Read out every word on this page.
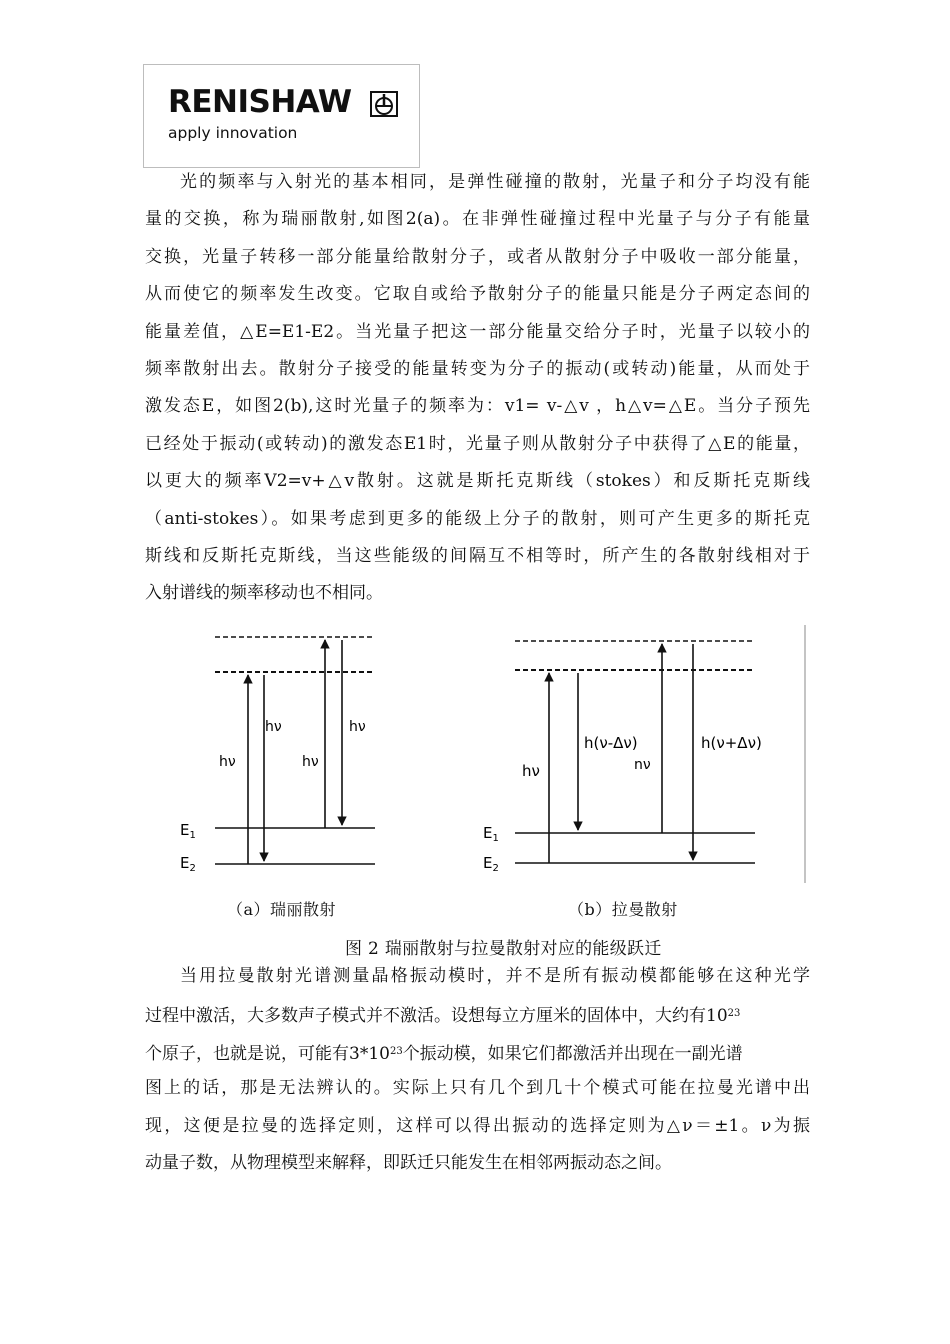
RENISHAW
apply innovation
光的频率与入射光的基本相同，是弹性碰撞的散射，光量子和分子均没有能
量的交换，称为瑞丽散射,如图2(a)。在非弹性碰撞过程中光量子与分子有能量
交换，光量子转移一部分能量给散射分子，或者从散射分子中吸收一部分能量，
从而使它的频率发生改变。它取自或给予散射分子的能量只能是分子两定态间的
能量差值，△E=E1-E2。当光量子把这一部分能量交给分子时，光量子以较小的
频率散射出去。散射分子接受的能量转变为分子的振动(或转动)能量，从而处于
激发态E，如图2(b),这时光量子的频率为：v1= v-△v ，h△v=△E。当分子预先
已经处于振动(或转动)的激发态E1时，光量子则从散射分子中获得了△E的能量，
以更大的频率V2=v+△v散射。这就是斯托克斯线（stokes）和反斯托克斯线
（anti-stokes）。如果考虑到更多的能级上分子的散射，则可产生更多的斯托克
斯线和反斯托克斯线，当这些能级的间隔互不相等时，所产生的各散射线相对于
入射谱线的频率移动也不相同。
hν	hν
hν	hν
$E_1$
$E_2$
hν
h(ν-Δν)
nν
h(ν+Δν)
$E_1$
$E_2$
（a）瑞丽散射	（b）拉曼散射
图 2 瑞丽散射与拉曼散射对应的能级跃迁
当用拉曼散射光谱测量晶格振动模时，并不是所有振动模都能够在这种光学
过程中激活，大多数声子模式并不激活。设想每立方厘米的固体中，大约有$10^{23}$
个原子，也就是说，可能有$3*10^{23}$个振动模，如果它们都激活并出现在一副光谱
图上的话，那是无法辨认的。实际上只有几个到几十个模式可能在拉曼光谱中出
现，这便是拉曼的选择定则，这样可以得出振动的选择定则为△ν＝±1。ν为振
动量子数，从物理模型来解释，即跃迁只能发生在相邻两振动态之间。
